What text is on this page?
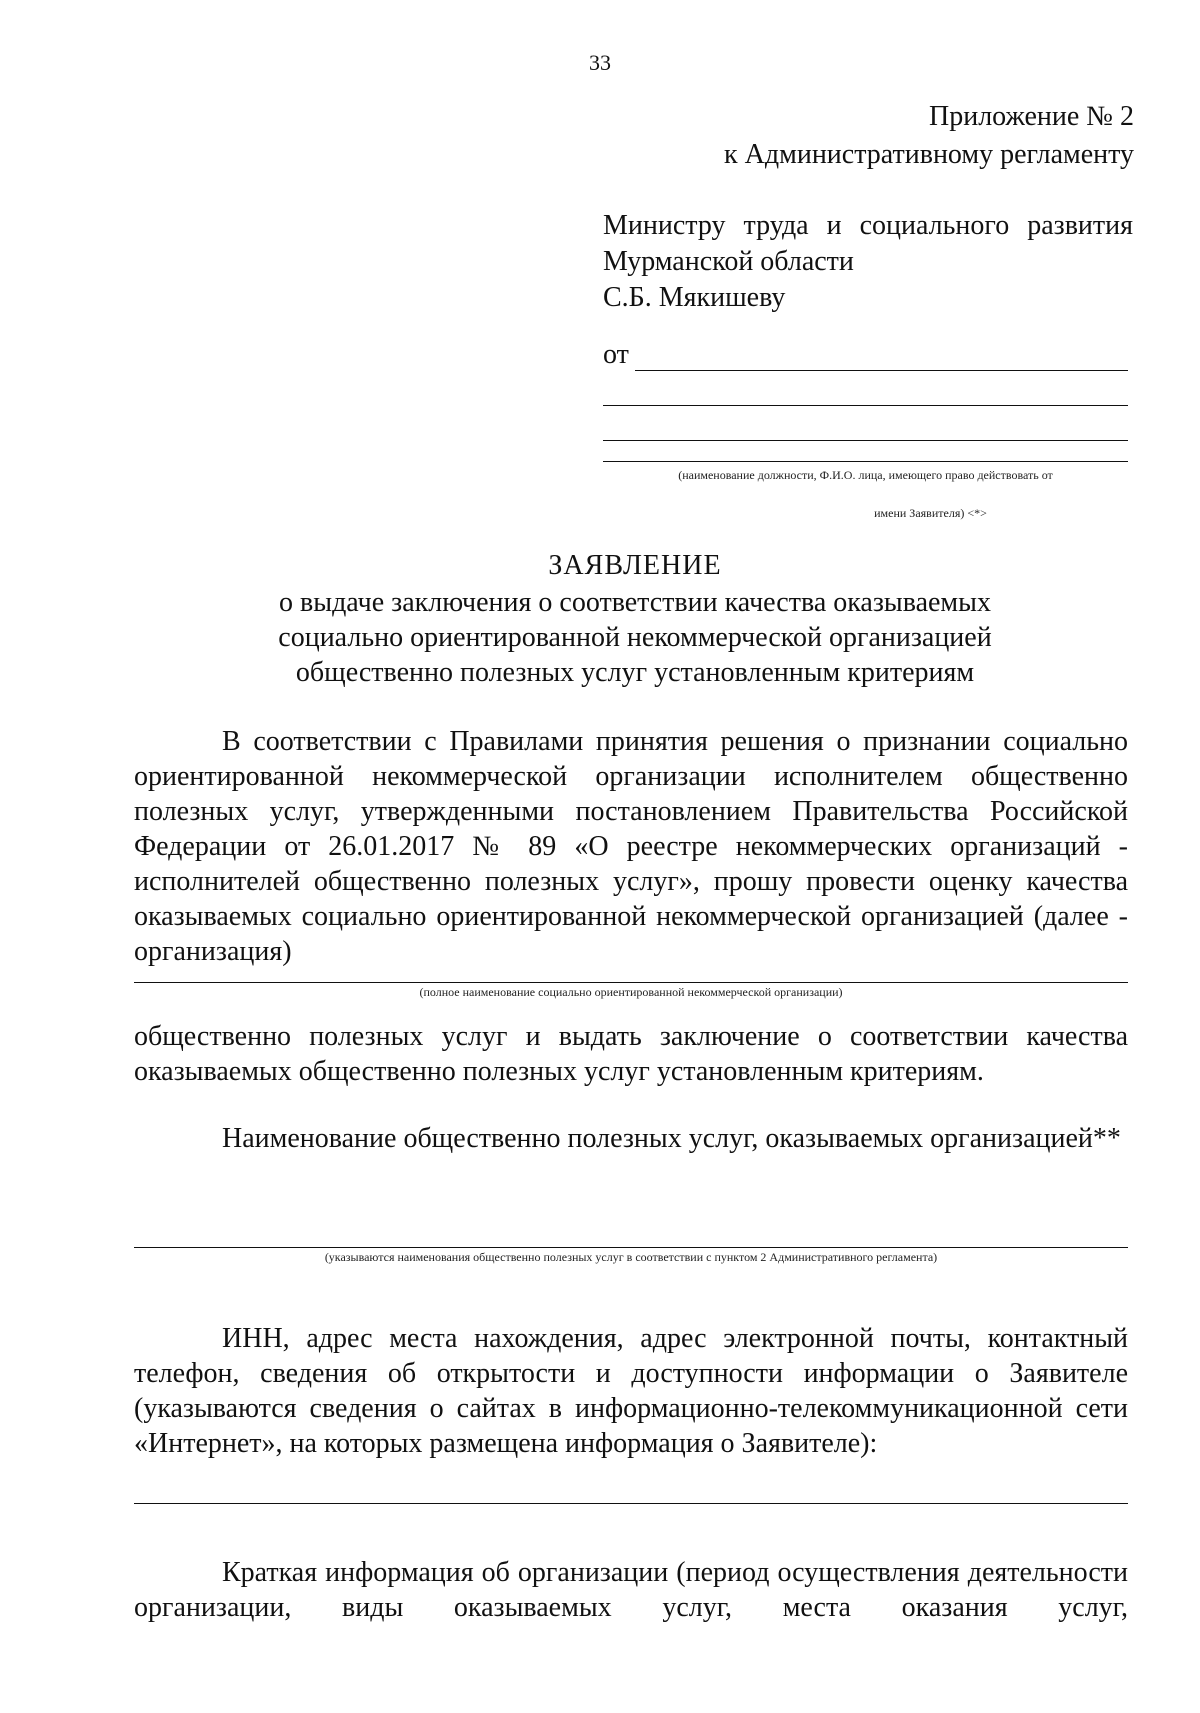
33
Приложение № 2
к Административному регламенту
Министру труда и социального развития
Мурманской области
С.Б. Мякишеву
от
(наименование должности, Ф.И.О. лица, имеющего право действовать от
имени Заявителя) <*>
ЗАЯВЛЕНИЕ
о выдаче заключения о соответствии качества оказываемых
социально ориентированной некоммерческой организацией
общественно полезных услуг установленным критериям
В соответствии с Правилами принятия решения о признании социально ориентированной некоммерческой организации исполнителем общественно полезных услуг, утвержденными постановлением Правительства Российской Федерации от 26.01.2017 № 89 «О реестре некоммерческих организаций - исполнителей общественно полезных услуг», прошу провести оценку качества оказываемых социально ориентированной некоммерческой организацией (далее - организация)
(полное наименование социально ориентированной некоммерческой организации)
общественно полезных услуг и выдать заключение о соответствии качества оказываемых общественно полезных услуг установленным критериям.
Наименование общественно полезных услуг, оказываемых организацией**
(указываются наименования общественно полезных услуг в соответствии с пунктом 2 Административного регламента)
ИНН, адрес места нахождения, адрес электронной почты, контактный телефон, сведения об открытости и доступности информации о Заявителе (указываются сведения о сайтах в информационно-телекоммуникационной сети «Интернет», на которых размещена информация о Заявителе):
Краткая информация об организации (период осуществления деятельности организации, виды оказываемых услуг, места оказания услуг,
